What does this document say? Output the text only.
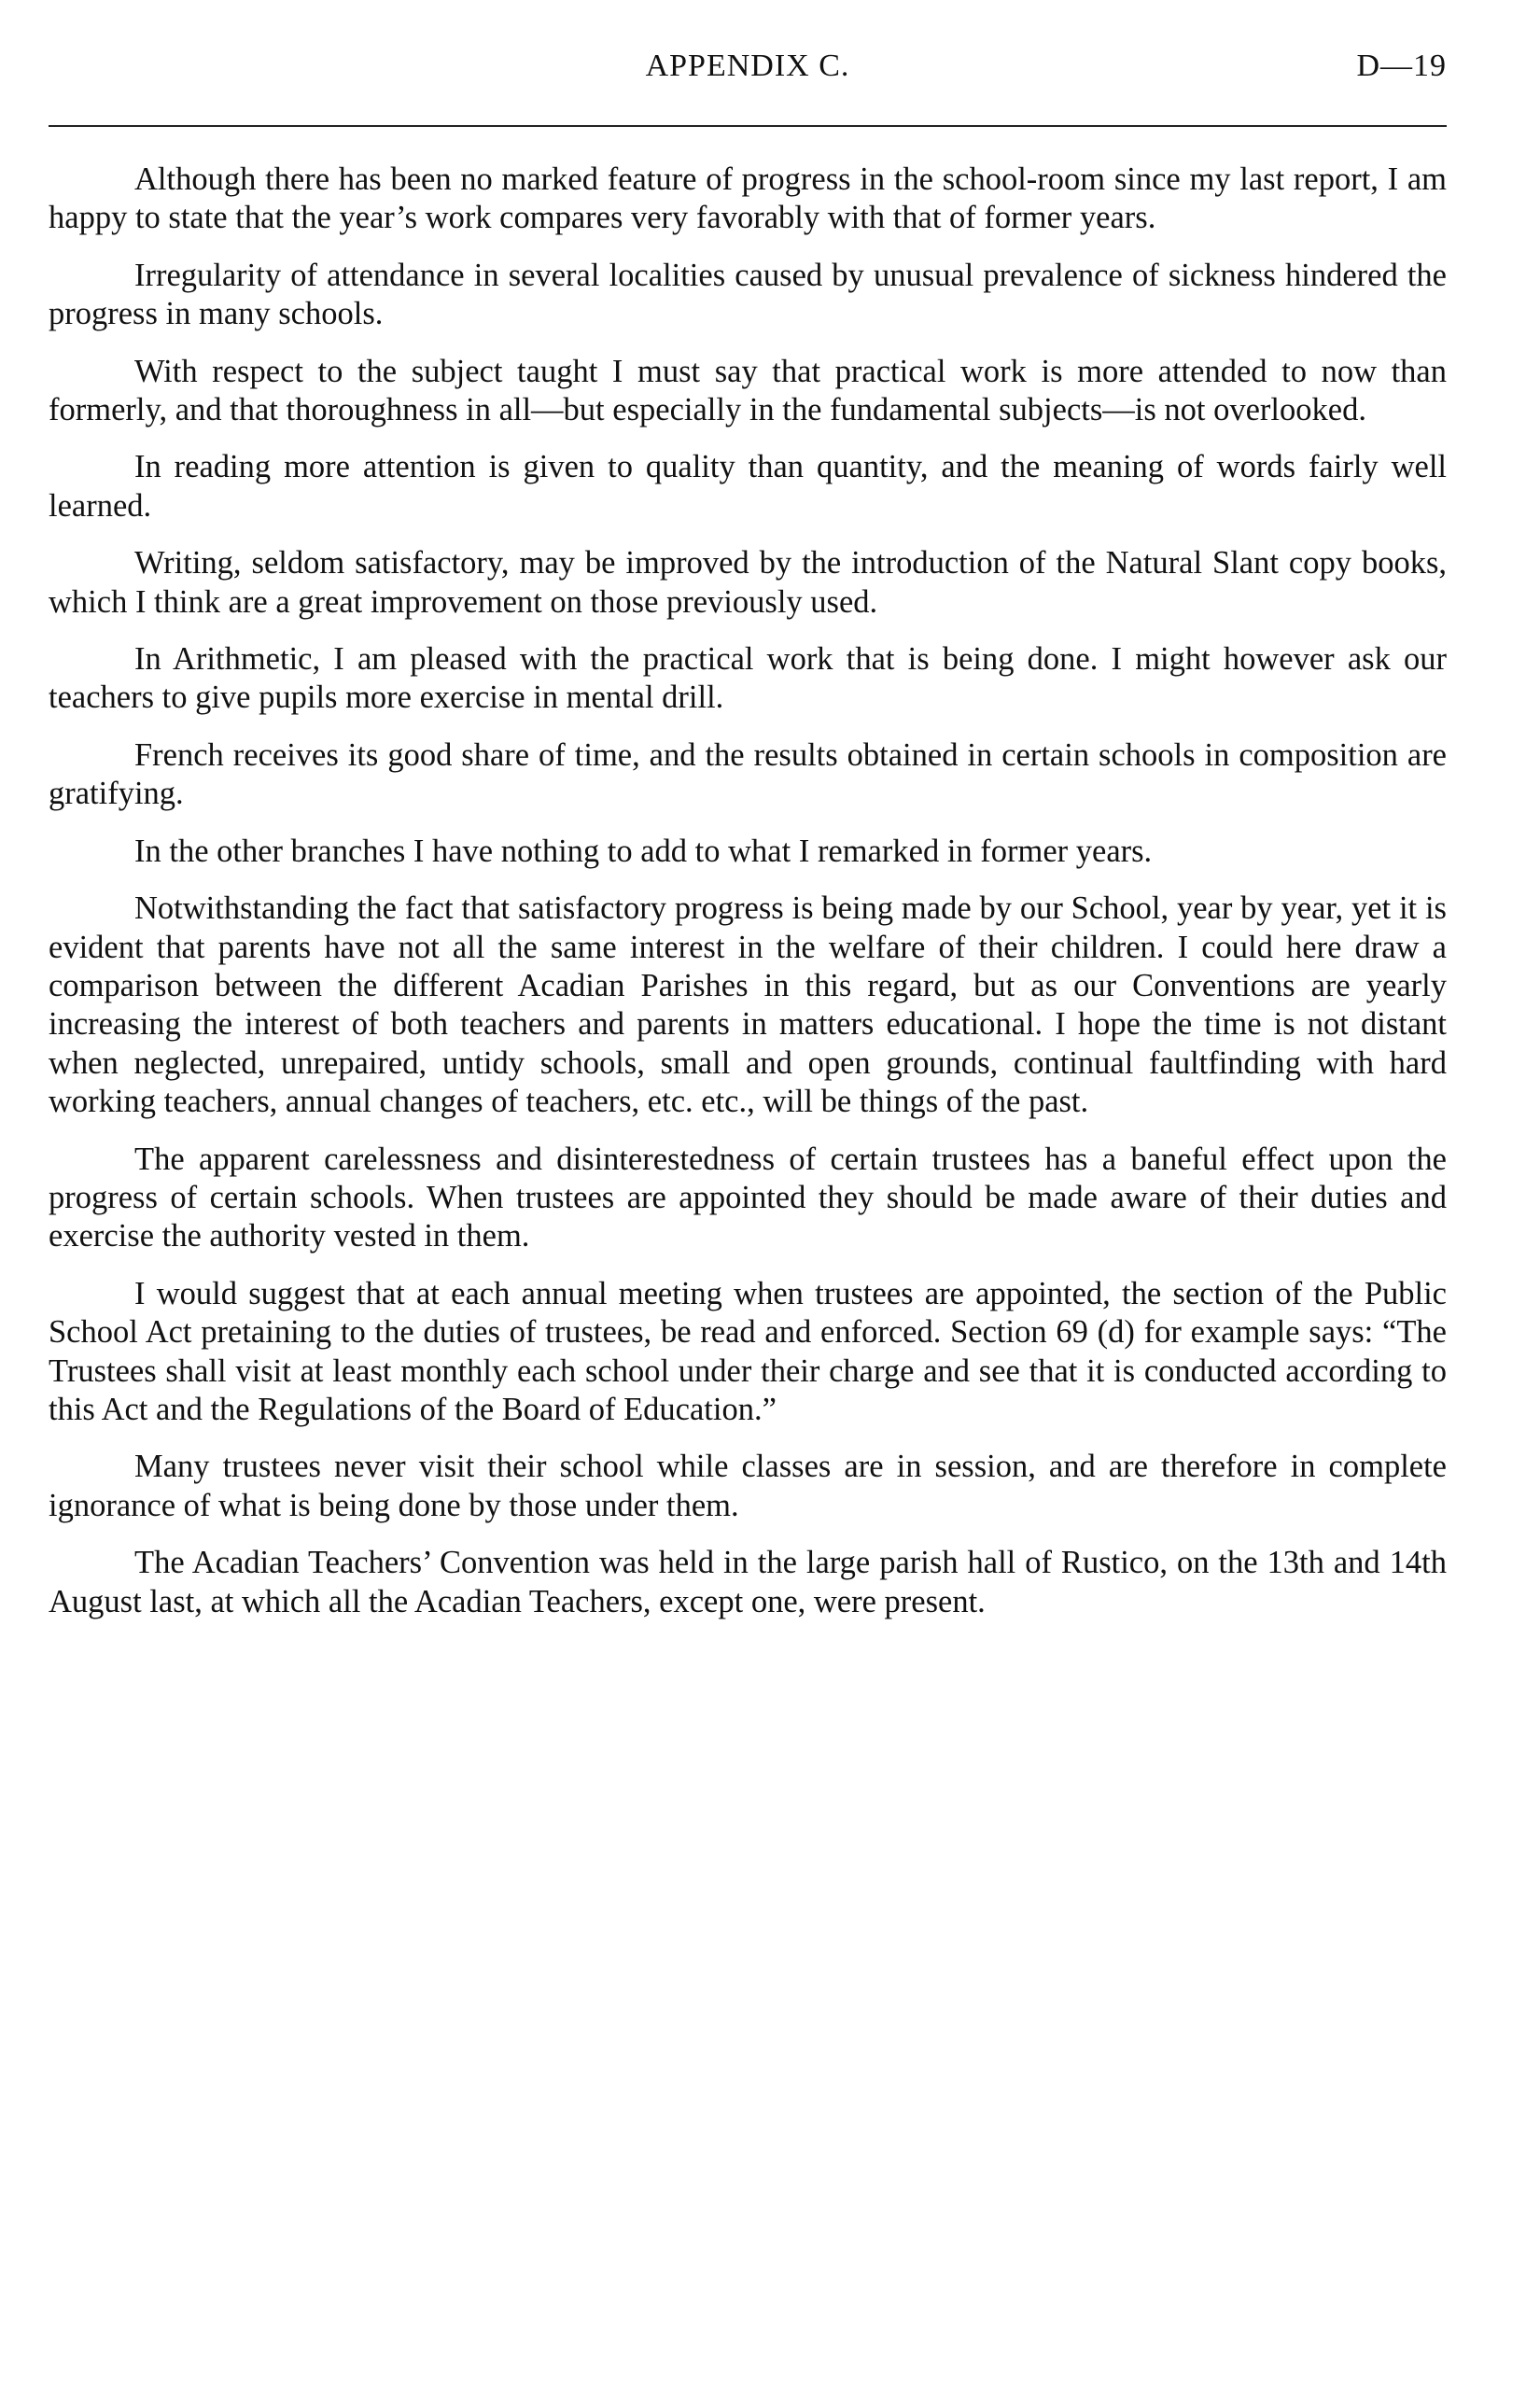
APPENDIX C.	D—19

Although there has been no marked feature of progress in the school-room since my last report, I am happy to state that the year’s work compares very favorably with that of former years.

Irregularity of attendance in several localities caused by unusual prevalence of sickness hindered the progress in many schools.

With respect to the subject taught I must say that practical work is more attended to now than formerly, and that thoroughness in all—but especially in the fundamental subjects—is not overlooked.

In reading more attention is given to quality than quantity, and the meaning of words fairly well learned.

Writing, seldom satisfactory, may be improved by the introduction of the Natural Slant copy books, which I think are a great improvement on those previously used.

In Arithmetic, I am pleased with the practical work that is being done. I might however ask our teachers to give pupils more exercise in mental drill.

French receives its good share of time, and the results obtained in certain schools in composition are gratifying.

In the other branches I have nothing to add to what I remarked in former years.

Notwithstanding the fact that satisfactory progress is being made by our School, year by year, yet it is evident that parents have not all the same interest in the welfare of their children. I could here draw a comparison between the different Acadian Parishes in this regard, but as our Conventions are yearly increasing the interest of both teachers and parents in matters educational. I hope the time is not distant when neglected, unrepaired, untidy schools, small and open grounds, continual faultfinding with hard working teachers, annual changes of teachers, etc. etc., will be things of the past.

The apparent carelessness and disinterestedness of certain trustees has a baneful effect upon the progress of certain schools. When trustees are appointed they should be made aware of their duties and exercise the authority vested in them.

I would suggest that at each annual meeting when trustees are appointed, the section of the Public School Act pretaining to the duties of trustees, be read and enforced. Section 69 (d) for example says: “The Trustees shall visit at least monthly each school under their charge and see that it is conducted according to this Act and the Regulations of the Board of Education.”

Many trustees never visit their school while classes are in session, and are therefore in complete ignorance of what is being done by those under them.

The Acadian Teachers’ Convention was held in the large parish hall of Rustico, on the 13th and 14th August last, at which all the Acadian Teachers, except one, were present.
